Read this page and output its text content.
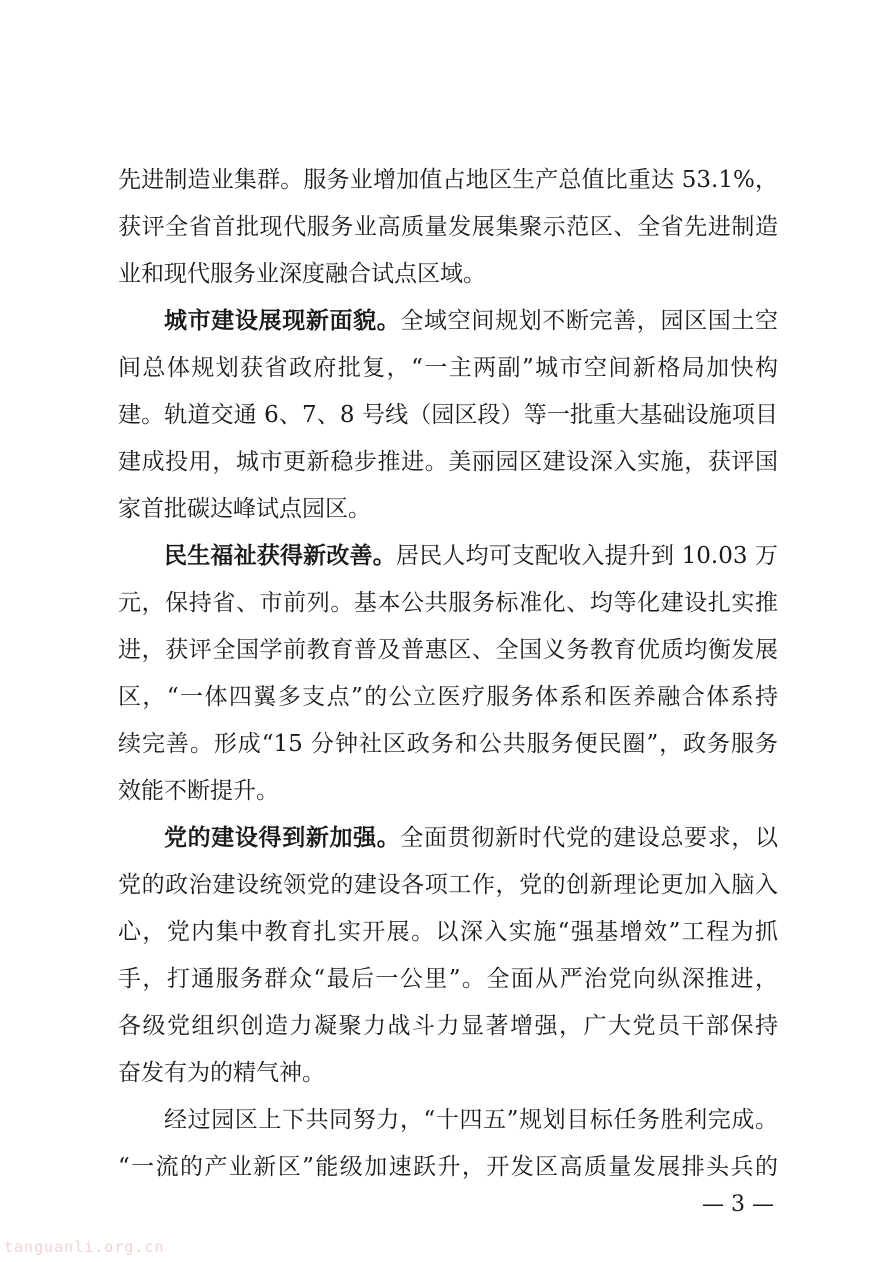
先进制造业集群。服务业增加值占地区生产总值比重达 53.1%，
获评全省首批现代服务业高质量发展集聚示范区、全省先进制造
业和现代服务业深度融合试点区域。
城市建设展现新面貌。全域空间规划不断完善，园区国土空
间总体规划获省政府批复，“一主两副”城市空间新格局加快构
建。轨道交通 6、7、8 号线（园区段）等一批重大基础设施项目
建成投用，城市更新稳步推进。美丽园区建设深入实施，获评国
家首批碳达峰试点园区。
民生福祉获得新改善。居民人均可支配收入提升到 10.03 万
元，保持省、市前列。基本公共服务标准化、均等化建设扎实推
进，获评全国学前教育普及普惠区、全国义务教育优质均衡发展
区，“一体四翼多支点”的公立医疗服务体系和医养融合体系持
续完善。形成“15 分钟社区政务和公共服务便民圈”，政务服务
效能不断提升。
党的建设得到新加强。全面贯彻新时代党的建设总要求，以
党的政治建设统领党的建设各项工作，党的创新理论更加入脑入
心，党内集中教育扎实开展。以深入实施“强基增效”工程为抓
手，打通服务群众“最后一公里”。全面从严治党向纵深推进，
各级党组织创造力凝聚力战斗力显著增强，广大党员干部保持
奋发有为的精气神。
经过园区上下共同努力，“十四五”规划目标任务胜利完成。
“一流的产业新区”能级加速跃升，开发区高质量发展排头兵的
— 3 —
tanguanli.org.cn
